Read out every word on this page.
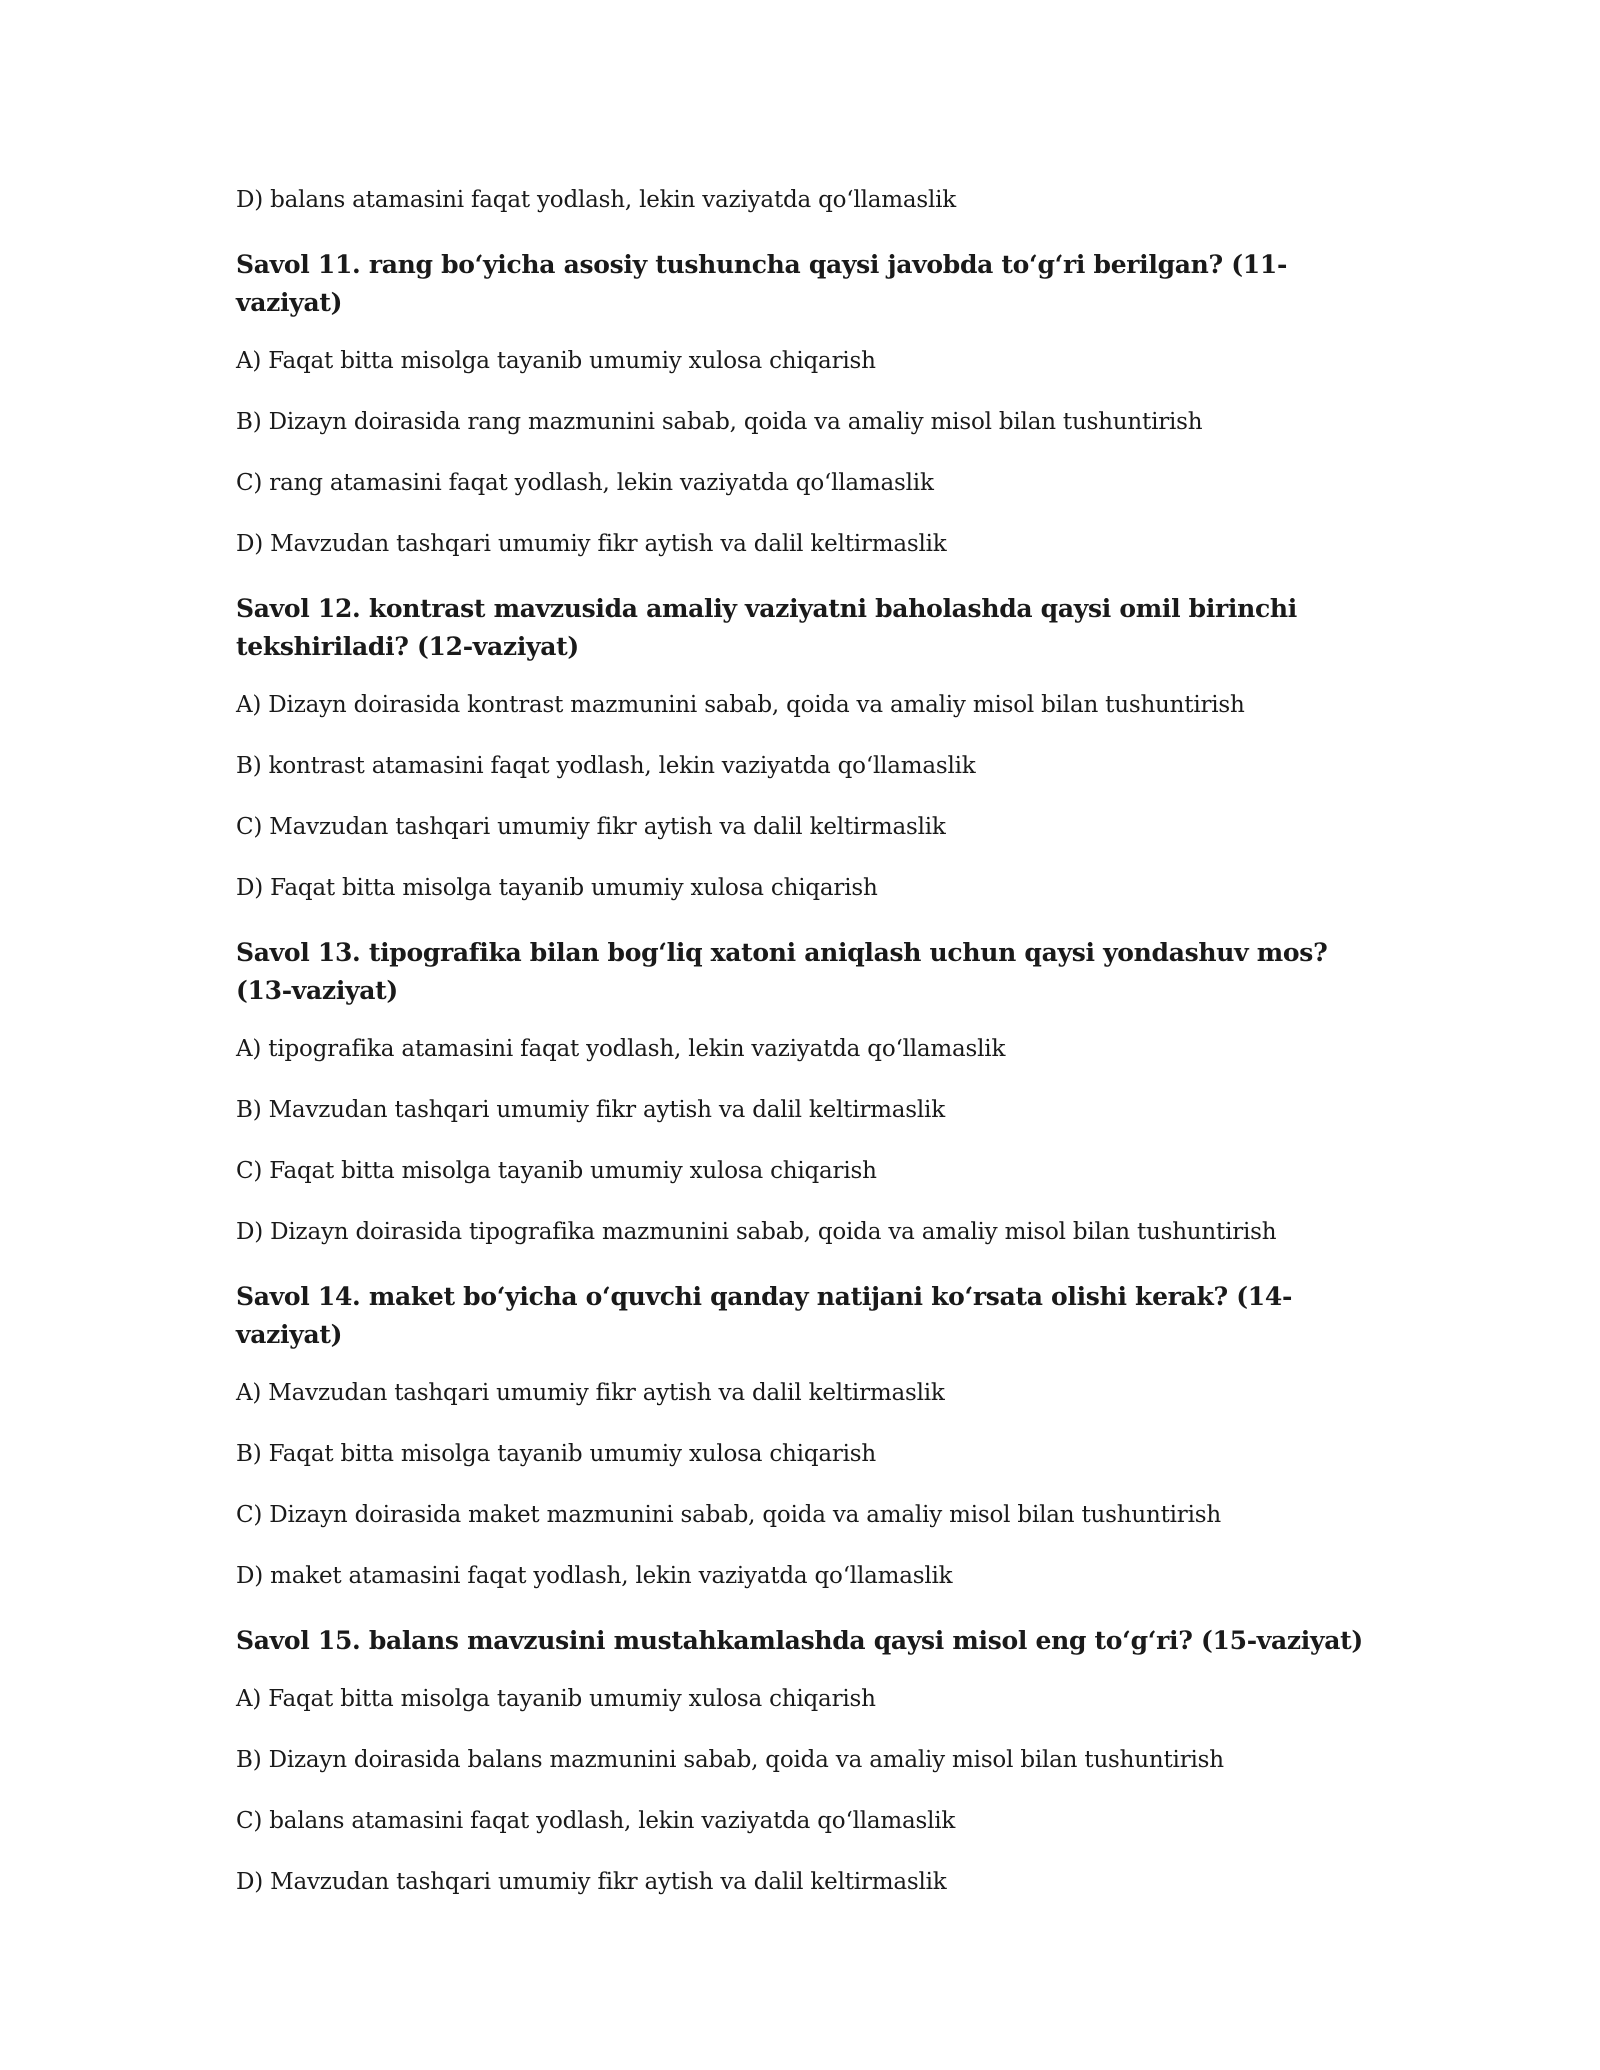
D) balans atamasini faqat yodlash, lekin vaziyatda qo‘llamaslik
Savol 11. rang bo‘yicha asosiy tushuncha qaysi javobda to‘g‘ri berilgan? (11-vaziyat)
A) Faqat bitta misolga tayanib umumiy xulosa chiqarish
B) Dizayn doirasida rang mazmunini sabab, qoida va amaliy misol bilan tushuntirish
C) rang atamasini faqat yodlash, lekin vaziyatda qo‘llamaslik
D) Mavzudan tashqari umumiy fikr aytish va dalil keltirmaslik
Savol 12. kontrast mavzusida amaliy vaziyatni baholashda qaysi omil birinchi tekshiriladi? (12-vaziyat)
A) Dizayn doirasida kontrast mazmunini sabab, qoida va amaliy misol bilan tushuntirish
B) kontrast atamasini faqat yodlash, lekin vaziyatda qo‘llamaslik
C) Mavzudan tashqari umumiy fikr aytish va dalil keltirmaslik
D) Faqat bitta misolga tayanib umumiy xulosa chiqarish
Savol 13. tipografika bilan bog‘liq xatoni aniqlash uchun qaysi yondashuv mos? (13-vaziyat)
A) tipografika atamasini faqat yodlash, lekin vaziyatda qo‘llamaslik
B) Mavzudan tashqari umumiy fikr aytish va dalil keltirmaslik
C) Faqat bitta misolga tayanib umumiy xulosa chiqarish
D) Dizayn doirasida tipografika mazmunini sabab, qoida va amaliy misol bilan tushuntirish
Savol 14. maket bo‘yicha o‘quvchi qanday natijani ko‘rsata olishi kerak? (14-vaziyat)
A) Mavzudan tashqari umumiy fikr aytish va dalil keltirmaslik
B) Faqat bitta misolga tayanib umumiy xulosa chiqarish
C) Dizayn doirasida maket mazmunini sabab, qoida va amaliy misol bilan tushuntirish
D) maket atamasini faqat yodlash, lekin vaziyatda qo‘llamaslik
Savol 15. balans mavzusini mustahkamlashda qaysi misol eng to‘g‘ri? (15-vaziyat)
A) Faqat bitta misolga tayanib umumiy xulosa chiqarish
B) Dizayn doirasida balans mazmunini sabab, qoida va amaliy misol bilan tushuntirish
C) balans atamasini faqat yodlash, lekin vaziyatda qo‘llamaslik
D) Mavzudan tashqari umumiy fikr aytish va dalil keltirmaslik
